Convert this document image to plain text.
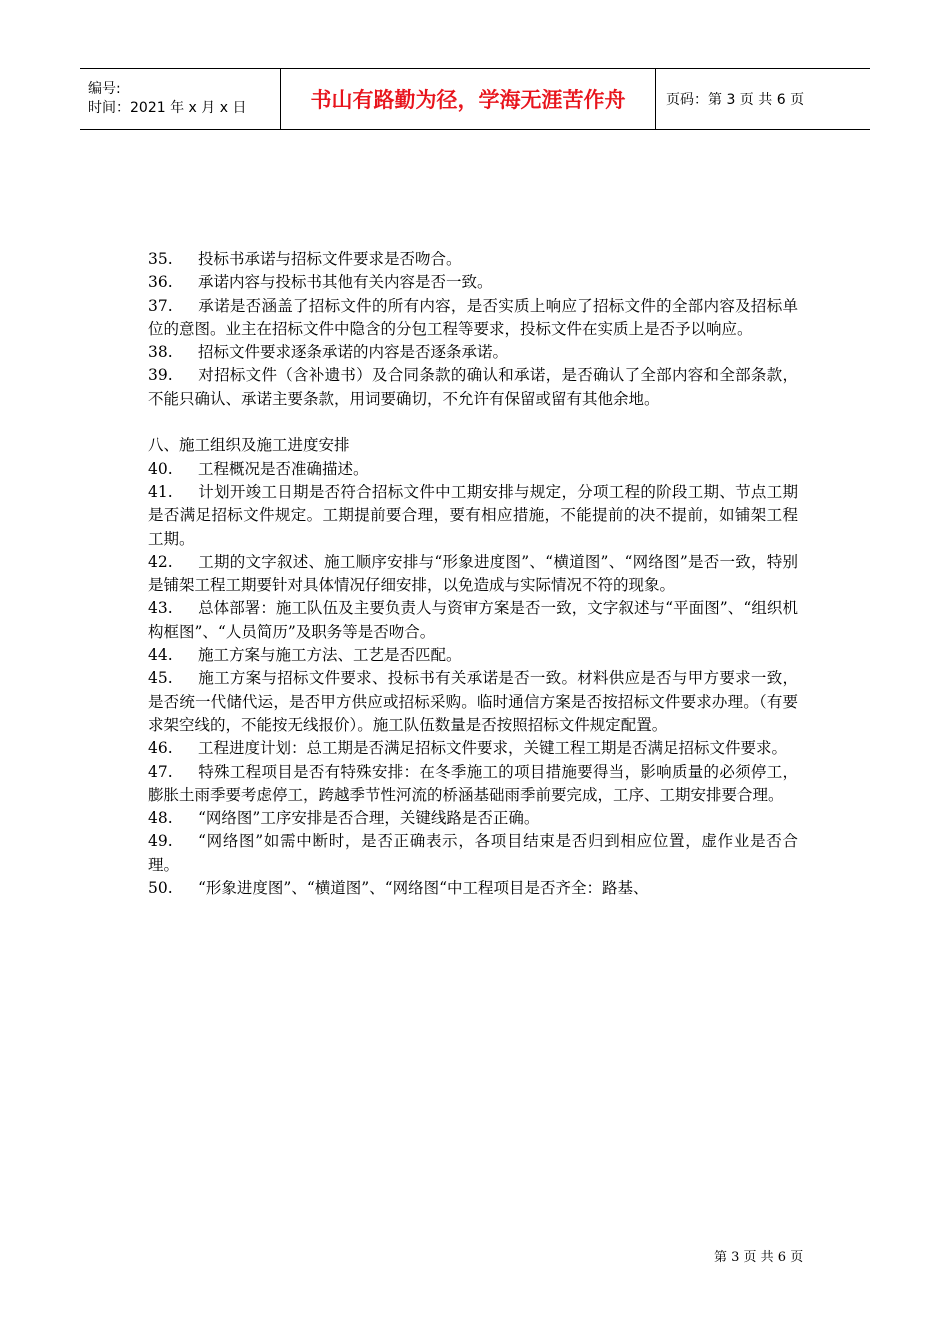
编号:
时间：2021 年 x 月 x 日	书山有路勤为径，学海无涯苦作舟	页码：第 3 页 共 6 页

35. 投标书承诺与招标文件要求是否吻合。

36. 承诺内容与投标书其他有关内容是否一致。

37. 承诺是否涵盖了招标文件的所有内容，是否实质上响应了招标文件的全部内容及招标单位的意图。业主在招标文件中隐含的分包工程等要求，投标文件在实质上是否予以响应。

38. 招标文件要求逐条承诺的内容是否逐条承诺。

39. 对招标文件（含补遗书）及合同条款的确认和承诺，是否确认了全部内容和全部条款，不能只确认、承诺主要条款，用词要确切，不允许有保留或留有其他余地。

八、施工组织及施工进度安排

40. 工程概况是否准确描述。

41. 计划开竣工日期是否符合招标文件中工期安排与规定，分项工程的阶段工期、节点工期是否满足招标文件规定。工期提前要合理，要有相应措施，不能提前的决不提前，如铺架工程工期。

42. 工期的文字叙述、施工顺序安排与“形象进度图”、“横道图”、“网络图”是否一致，特别是铺架工程工期要针对具体情况仔细安排，以免造成与实际情况不符的现象。

43. 总体部署：施工队伍及主要负责人与资审方案是否一致，文字叙述与“平面图”、“组织机构框图”、“人员简历”及职务等是否吻合。

44. 施工方案与施工方法、工艺是否匹配。

45. 施工方案与招标文件要求、投标书有关承诺是否一致。材料供应是否与甲方要求一致，是否统一代储代运，是否甲方供应或招标采购。临时通信方案是否按招标文件要求办理。（有要求架空线的，不能按无线报价）。施工队伍数量是否按照招标文件规定配置。

46. 工程进度计划：总工期是否满足招标文件要求，关键工程工期是否满足招标文件要求。

47. 特殊工程项目是否有特殊安排：在冬季施工的项目措施要得当，影响质量的必须停工，膨胀土雨季要考虑停工，跨越季节性河流的桥涵基础雨季前要完成，工序、工期安排要合理。

48. “网络图”工序安排是否合理，关键线路是否正确。

49. “网络图”如需中断时，是否正确表示，各项目结束是否归到相应位置，虚作业是否合理。

50. “形象进度图”、“横道图”、“网络图“中工程项目是否齐全：路基、

第 3 页 共 6 页
